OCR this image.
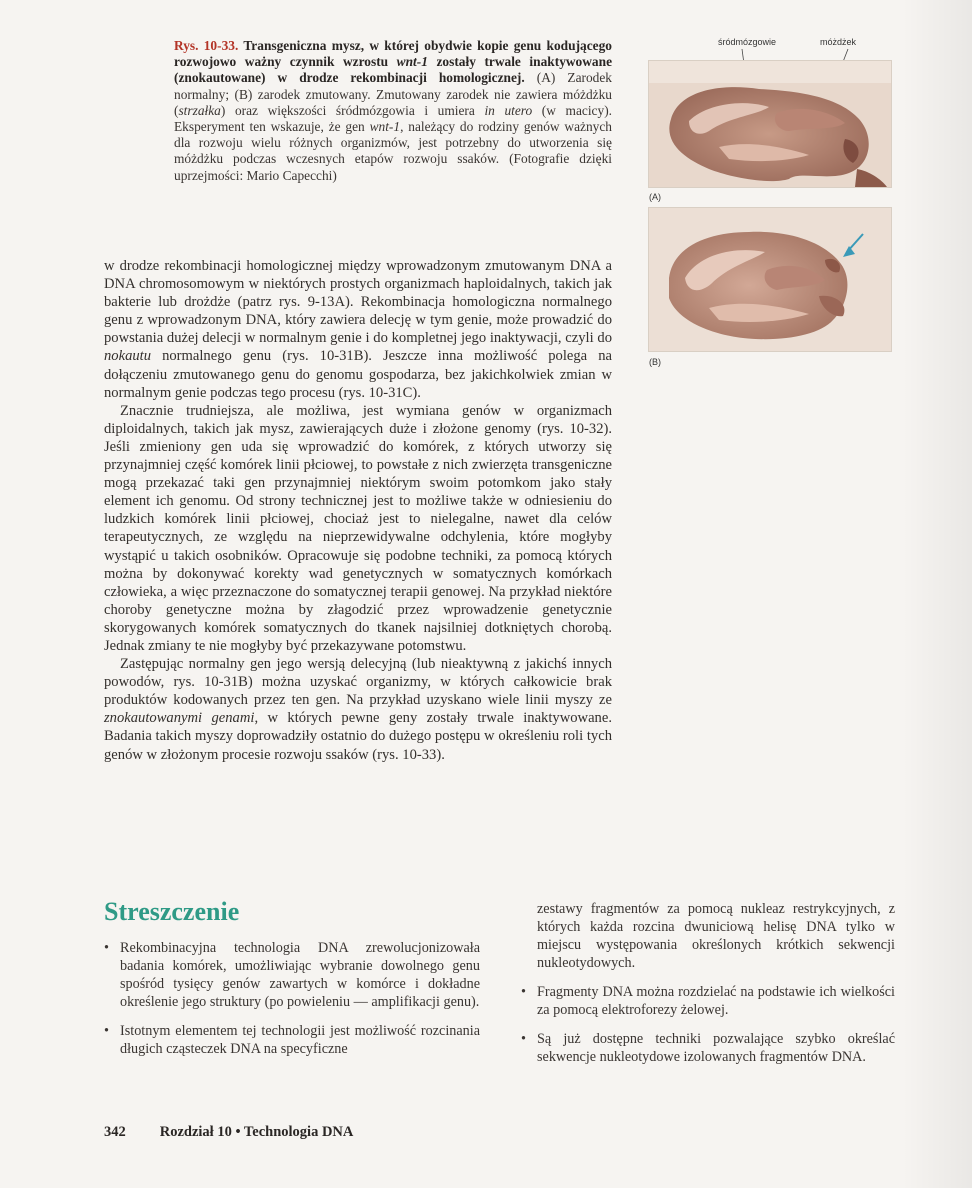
Rys. 10-33. Transgeniczna mysz, w której obydwie kopie genu kodującego rozwojowo ważny czynnik wzrostu wnt-1 zostały trwale inaktywowane (znokautowane) w drodze rekombinacji homologicznej. (A) Zarodek normalny; (B) zarodek zmutowany. Zmutowany zarodek nie zawiera móżdżku (strzałka) oraz większości śródmózgowia i umiera in utero (w macicy). Eksperyment ten wskazuje, że gen wnt-1, należący do rodziny genów ważnych dla rozwoju wielu różnych organizmów, jest potrzebny do utworzenia się móżdżku podczas wczesnych etapów rozwoju ssaków. (Fotografie dzięki uprzejmości: Mario Capecchi)
śródmózgowie	móżdżek
(A)
(B)

w drodze rekombinacji homologicznej między wprowadzonym zmutowanym DNA a DNA chromosomowym w niektórych prostych organizmach haploidalnych, takich jak bakterie lub drożdże (patrz rys. 9-13A). Rekombinacja homologiczna normalnego genu z wprowadzonym DNA, który zawiera delecję w tym genie, może prowadzić do powstania dużej delecji w normalnym genie i do kompletnej jego inaktywacji, czyli do nokautu normalnego genu (rys. 10-31B). Jeszcze inna możliwość polega na dołączeniu zmutowanego genu do genomu gospodarza, bez jakichkolwiek zmian w normalnym genie podczas tego procesu (rys. 10-31C).

Znacznie trudniejsza, ale możliwa, jest wymiana genów w organizmach diploidalnych, takich jak mysz, zawierających duże i złożone genomy (rys. 10-32). Jeśli zmieniony gen uda się wprowadzić do komórek, z których utworzy się przynajmniej część komórek linii płciowej, to powstałe z nich zwierzęta transgeniczne mogą przekazać taki gen przynajmniej niektórym swoim potomkom jako stały element ich genomu. Od strony technicznej jest to możliwe także w odniesieniu do ludzkich komórek linii płciowej, chociaż jest to nielegalne, nawet dla celów terapeutycznych, ze względu na nieprzewidywalne odchylenia, które mogłyby wystąpić u takich osobników. Opracowuje się podobne techniki, za pomocą których można by dokonywać korekty wad genetycznych w somatycznych komórkach człowieka, a więc przeznaczone do somatycznej terapii genowej. Na przykład niektóre choroby genetyczne można by złagodzić przez wprowadzenie genetycznie skorygowanych komórek somatycznych do tkanek najsilniej dotkniętych chorobą. Jednak zmiany te nie mogłyby być przekazywane potomstwu.

Zastępując normalny gen jego wersją delecyjną (lub nieaktywną z jakichś innych powodów, rys. 10-31B) można uzyskać organizmy, w których całkowicie brak produktów kodowanych przez ten gen. Na przykład uzyskano wiele linii myszy ze znokautowanymi genami, w których pewne geny zostały trwale inaktywowane. Badania takich myszy doprowadziły ostatnio do dużego postępu w określeniu roli tych genów w złożonym procesie rozwoju ssaków (rys. 10-33).

Streszczenie
• Rekombinacyjna technologia DNA zrewolucjonizowała badania komórek, umożliwiając wybranie dowolnego genu spośród tysięcy genów zawartych w komórce i dokładne określenie jego struktury (po powieleniu — amplifikacji genu).
• Istotnym elementem tej technologii jest możliwość rozcinania długich cząsteczek DNA na specyficzne
zestawy fragmentów za pomocą nukleaz restrykcyjnych, z których każda rozcina dwuniciową helisę DNA tylko w miejscu występowania określonych krótkich sekwencji nukleotydowych.
• Fragmenty DNA można rozdzielać na podstawie ich wielkości za pomocą elektroforezy żelowej.
• Są już dostępne techniki pozwalające szybko określać sekwencje nukleotydowe izolowanych fragmentów DNA.
342 Rozdział 10 • Technologia DNA
